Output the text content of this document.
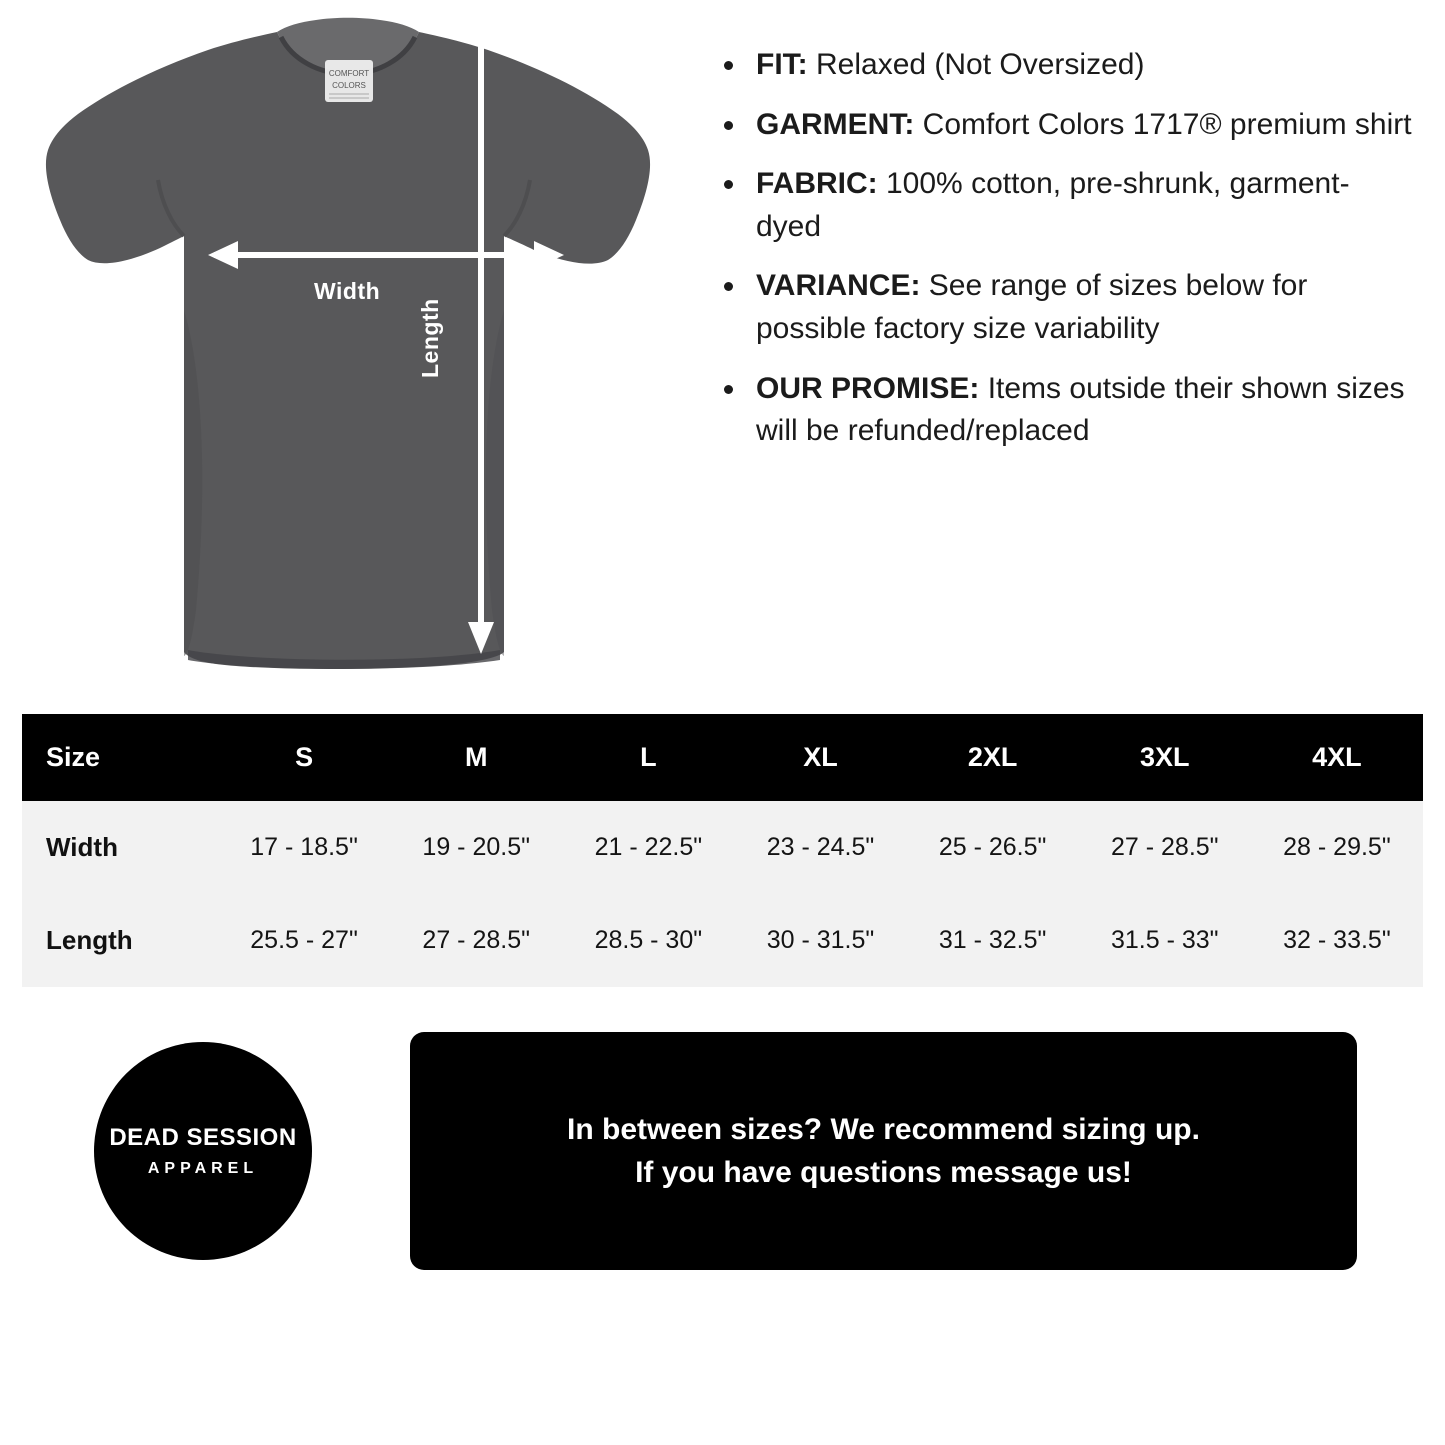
COMFORT
COLORS
Width
Length
FIT: Relaxed (Not Oversized)
GARMENT: Comfort Colors 1717® premium shirt
FABRIC: 100% cotton, pre-shrunk, garment-dyed
VARIANCE: See range of sizes below for possible factory size variability
OUR PROMISE: Items outside their shown sizes will be refunded/replaced
Size	S	M	L	XL	2XL	3XL	4XL
Width	17 - 18.5"	19 - 20.5"	21 - 22.5"	23 - 24.5"	25 - 26.5"	27 - 28.5"	28 - 29.5"
Length	25.5 - 27"	27 - 28.5"	28.5 - 30"	30 - 31.5"	31 - 32.5"	31.5 - 33"	32 - 33.5"
DEAD SESSION
APPAREL
In between sizes? We recommend sizing up.
If you have questions message us!
